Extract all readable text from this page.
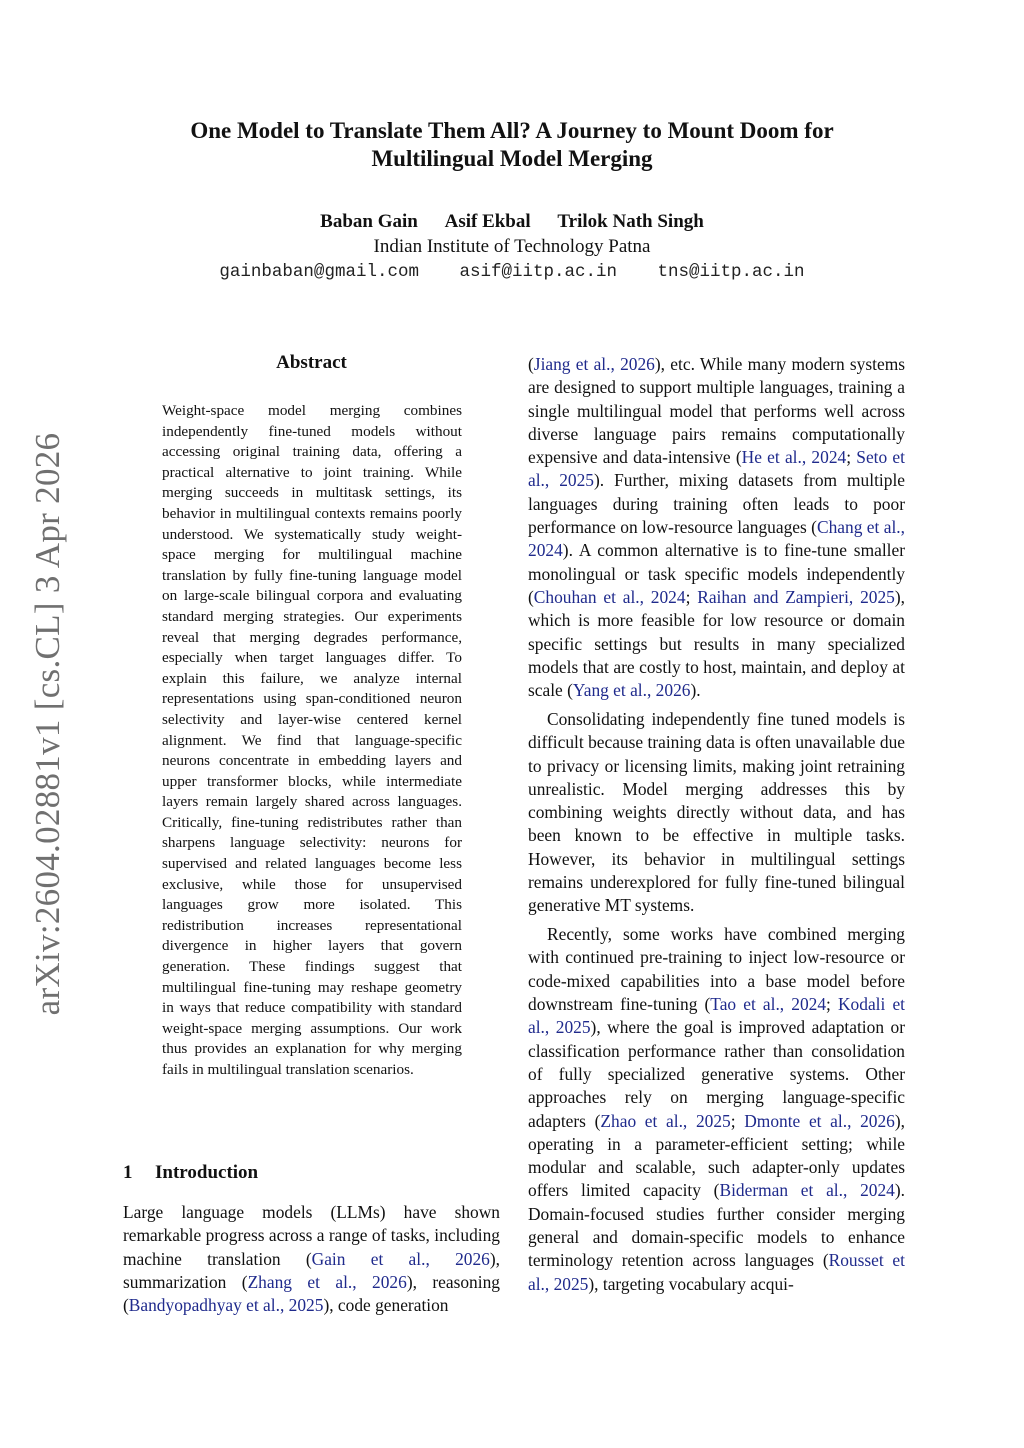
arXiv:2604.02881v1 [cs.CL] 3 Apr 2026
One Model to Translate Them All? A Journey to Mount Doom for
Multilingual Model Merging
Baban Gain Asif Ekbal Trilok Nath Singh
Indian Institute of Technology Patna
gainbaban@gmail.com asif@iitp.ac.in tns@iitp.ac.in
Abstract
Weight-space model merging combines independently fine-tuned models without accessing original training data, offering a practical alternative to joint training. While merging succeeds in multitask settings, its behavior in multilingual contexts remains poorly understood. We systematically study weight-space merging for multilingual machine translation by fully fine-tuning language model on large-scale bilingual corpora and evaluating standard merging strategies. Our experiments reveal that merging degrades performance, especially when target languages differ. To explain this failure, we analyze internal representations using span-conditioned neuron selectivity and layer-wise centered kernel alignment. We find that language-specific neurons concentrate in embedding layers and upper transformer blocks, while intermediate layers remain largely shared across languages. Critically, fine-tuning redistributes rather than sharpens language selectivity: neurons for supervised and related languages become less exclusive, while those for unsupervised languages grow more isolated. This redistribution increases representational divergence in higher layers that govern generation. These findings suggest that multilingual fine-tuning may reshape geometry in ways that reduce compatibility with standard weight-space merging assumptions. Our work thus provides an explanation for why merging fails in multilingual translation scenarios.
1 Introduction

Large language models (LLMs) have shown remarkable progress across a range of tasks, including machine translation (Gain et al., 2026), summarization (Zhang et al., 2026), reasoning (Bandyopadhyay et al., 2025), code generation

(Jiang et al., 2026), etc. While many modern systems are designed to support multiple languages, training a single multilingual model that performs well across diverse language pairs remains computationally expensive and data-intensive (He et al., 2024; Seto et al., 2025). Further, mixing datasets from multiple languages during training often leads to poor performance on low-resource languages (Chang et al., 2024). A common alternative is to fine-tune smaller monolingual or task specific models independently (Chouhan et al., 2024; Raihan and Zampieri, 2025), which is more feasible for low resource or domain specific settings but results in many specialized models that are costly to host, maintain, and deploy at scale (Yang et al., 2026).

Consolidating independently fine tuned models is difficult because training data is often unavailable due to privacy or licensing limits, making joint retraining unrealistic. Model merging addresses this by combining weights directly without data, and has been known to be effective in multiple tasks. However, its behavior in multilingual settings remains underexplored for fully fine-tuned bilingual generative MT systems.

Recently, some works have combined merging with continued pre-training to inject low-resource or code-mixed capabilities into a base model before downstream fine-tuning (Tao et al., 2024; Kodali et al., 2025), where the goal is improved adaptation or classification performance rather than consolidation of fully specialized generative systems. Other approaches rely on merging language-specific adapters (Zhao et al., 2025; Dmonte et al., 2026), operating in a parameter-efficient setting; while modular and scalable, such adapter-only updates offers limited capacity (Biderman et al., 2024). Domain-focused studies further consider merging general and domain-specific models to enhance terminology retention across languages (Rousset et al., 2025), targeting vocabulary acqui-
